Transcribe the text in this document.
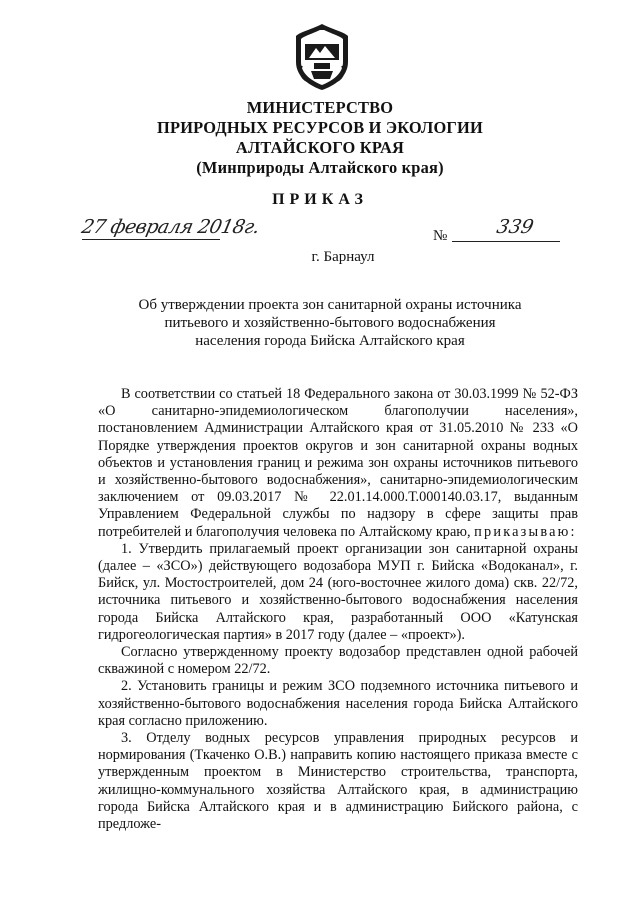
МИНИСТЕРСТВО
ПРИРОДНЫХ РЕСУРСОВ И ЭКОЛОГИИ
АЛТАЙСКОГО КРАЯ
(Минприроды Алтайского края)
ПРИКАЗ
27 февраля 2018г.	№ 339
г. Барнаул
Об утверждении проекта зон санитарной охраны источника
питьевого и хозяйственно-бытового водоснабжения
населения города Бийска Алтайского края

В соответствии со статьей 18 Федерального закона от 30.03.1999 № 52-ФЗ «О санитарно-эпидемиологическом благополучии населения», постановлением Администрации Алтайского края от 31.05.2010 № 233 «О Порядке утверждения проектов округов и зон санитарной охраны водных объектов и установления границ и режима зон охраны источников питьевого и хозяйственно-бытового водоснабжения», санитарно-эпидемиологическим заключением от 09.03.2017 № 22.01.14.000.Т.000140.03.17, выданным Управлением Федеральной службы по надзору в сфере защиты прав потребителей и благополучия человека по Алтайскому краю, приказываю:

1. Утвердить прилагаемый проект организации зон санитарной охраны (далее – «ЗСО») действующего водозабора МУП г. Бийска «Водоканал», г. Бийск, ул. Мостостроителей, дом 24 (юго-восточнее жилого дома) скв. 22/72, источника питьевого и хозяйственно-бытового водоснабжения населения города Бийска Алтайского края, разработанный ООО «Катунская гидрогеологическая партия» в 2017 году (далее – «проект»).

Согласно утвержденному проекту водозабор представлен одной рабочей скважиной с номером 22/72.

2. Установить границы и режим ЗСО подземного источника питьевого и хозяйственно-бытового водоснабжения населения города Бийска Алтайского края согласно приложению.

3. Отделу водных ресурсов управления природных ресурсов и нормирования (Ткаченко О.В.) направить копию настоящего приказа вместе с утвержденным проектом в Министерство строительства, транспорта, жилищно-коммунального хозяйства Алтайского края, в администрацию города Бийска Алтайского края и в администрацию Бийского района, с предложе-
